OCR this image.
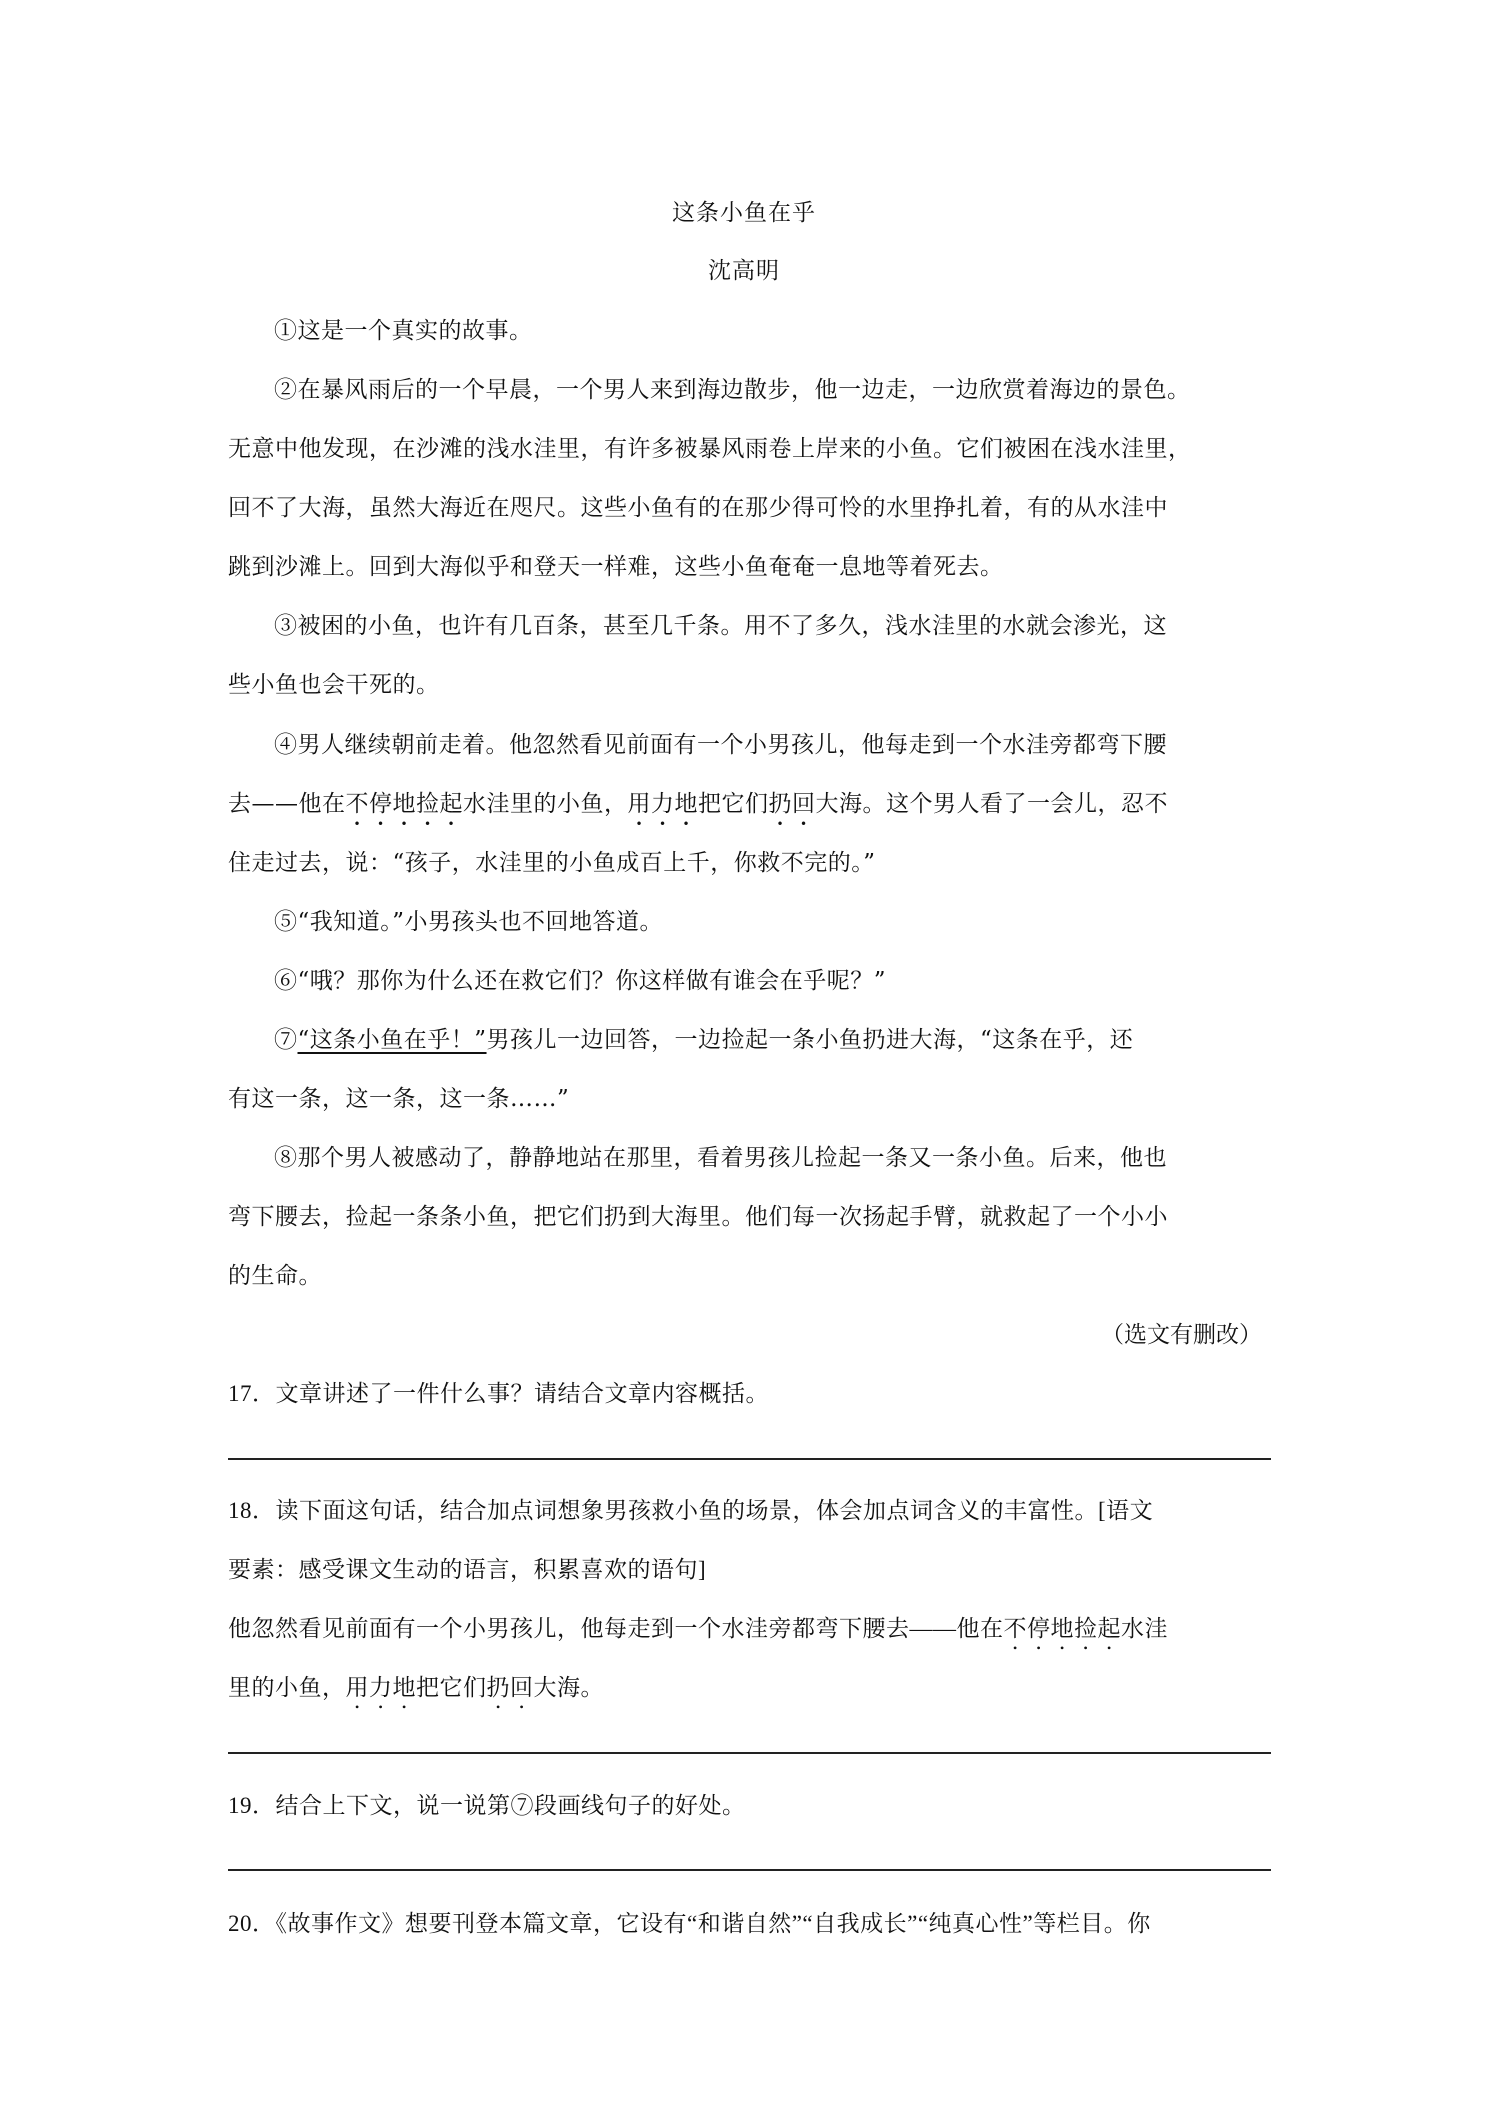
这条小鱼在乎
沈高明
①这是一个真实的故事。
②在暴风雨后的一个早晨，一个男人来到海边散步，他一边走，一边欣赏着海边的景色。
无意中他发现，在沙滩的浅水洼里，有许多被暴风雨卷上岸来的小鱼。它们被困在浅水洼里，
回不了大海，虽然大海近在咫尺。这些小鱼有的在那少得可怜的水里挣扎着，有的从水洼中
跳到沙滩上。回到大海似乎和登天一样难，这些小鱼奄奄一息地等着死去。
③被困的小鱼，也许有几百条，甚至几千条。用不了多久，浅水洼里的水就会渗光，这
些小鱼也会干死的。
④男人继续朝前走着。他忽然看见前面有一个小男孩儿，他每走到一个水洼旁都弯下腰
去——他在不停地捡起水洼里的小鱼，用力地把它们扔回大海。这个男人看了一会儿，忍不
住走过去，说：“孩子，水洼里的小鱼成百上千，你救不完的。”
⑤“我知道。”小男孩头也不回地答道。
⑥“哦？那你为什么还在救它们？你这样做有谁会在乎呢？”
⑦“这条小鱼在乎！”男孩儿一边回答，一边捡起一条小鱼扔进大海，“这条在乎，还
有这一条，这一条，这一条……”
⑧那个男人被感动了，静静地站在那里，看着男孩儿捡起一条又一条小鱼。后来，他也
弯下腰去，捡起一条条小鱼，把它们扔到大海里。他们每一次扬起手臂，就救起了一个小小
的生命。
（选文有删改）
17．文章讲述了一件什么事？请结合文章内容概括。
18．读下面这句话，结合加点词想象男孩救小鱼的场景，体会加点词含义的丰富性。[语文
要素：感受课文生动的语言，积累喜欢的语句]
他忽然看见前面有一个小男孩儿，他每走到一个水洼旁都弯下腰去——他在不停地捡起水洼
里的小鱼，用力地把它们扔回大海。
19．结合上下文，说一说第⑦段画线句子的好处。
20．《故事作文》想要刊登本篇文章，它设有“和谐自然”“自我成长”“纯真心性”等栏目。你
